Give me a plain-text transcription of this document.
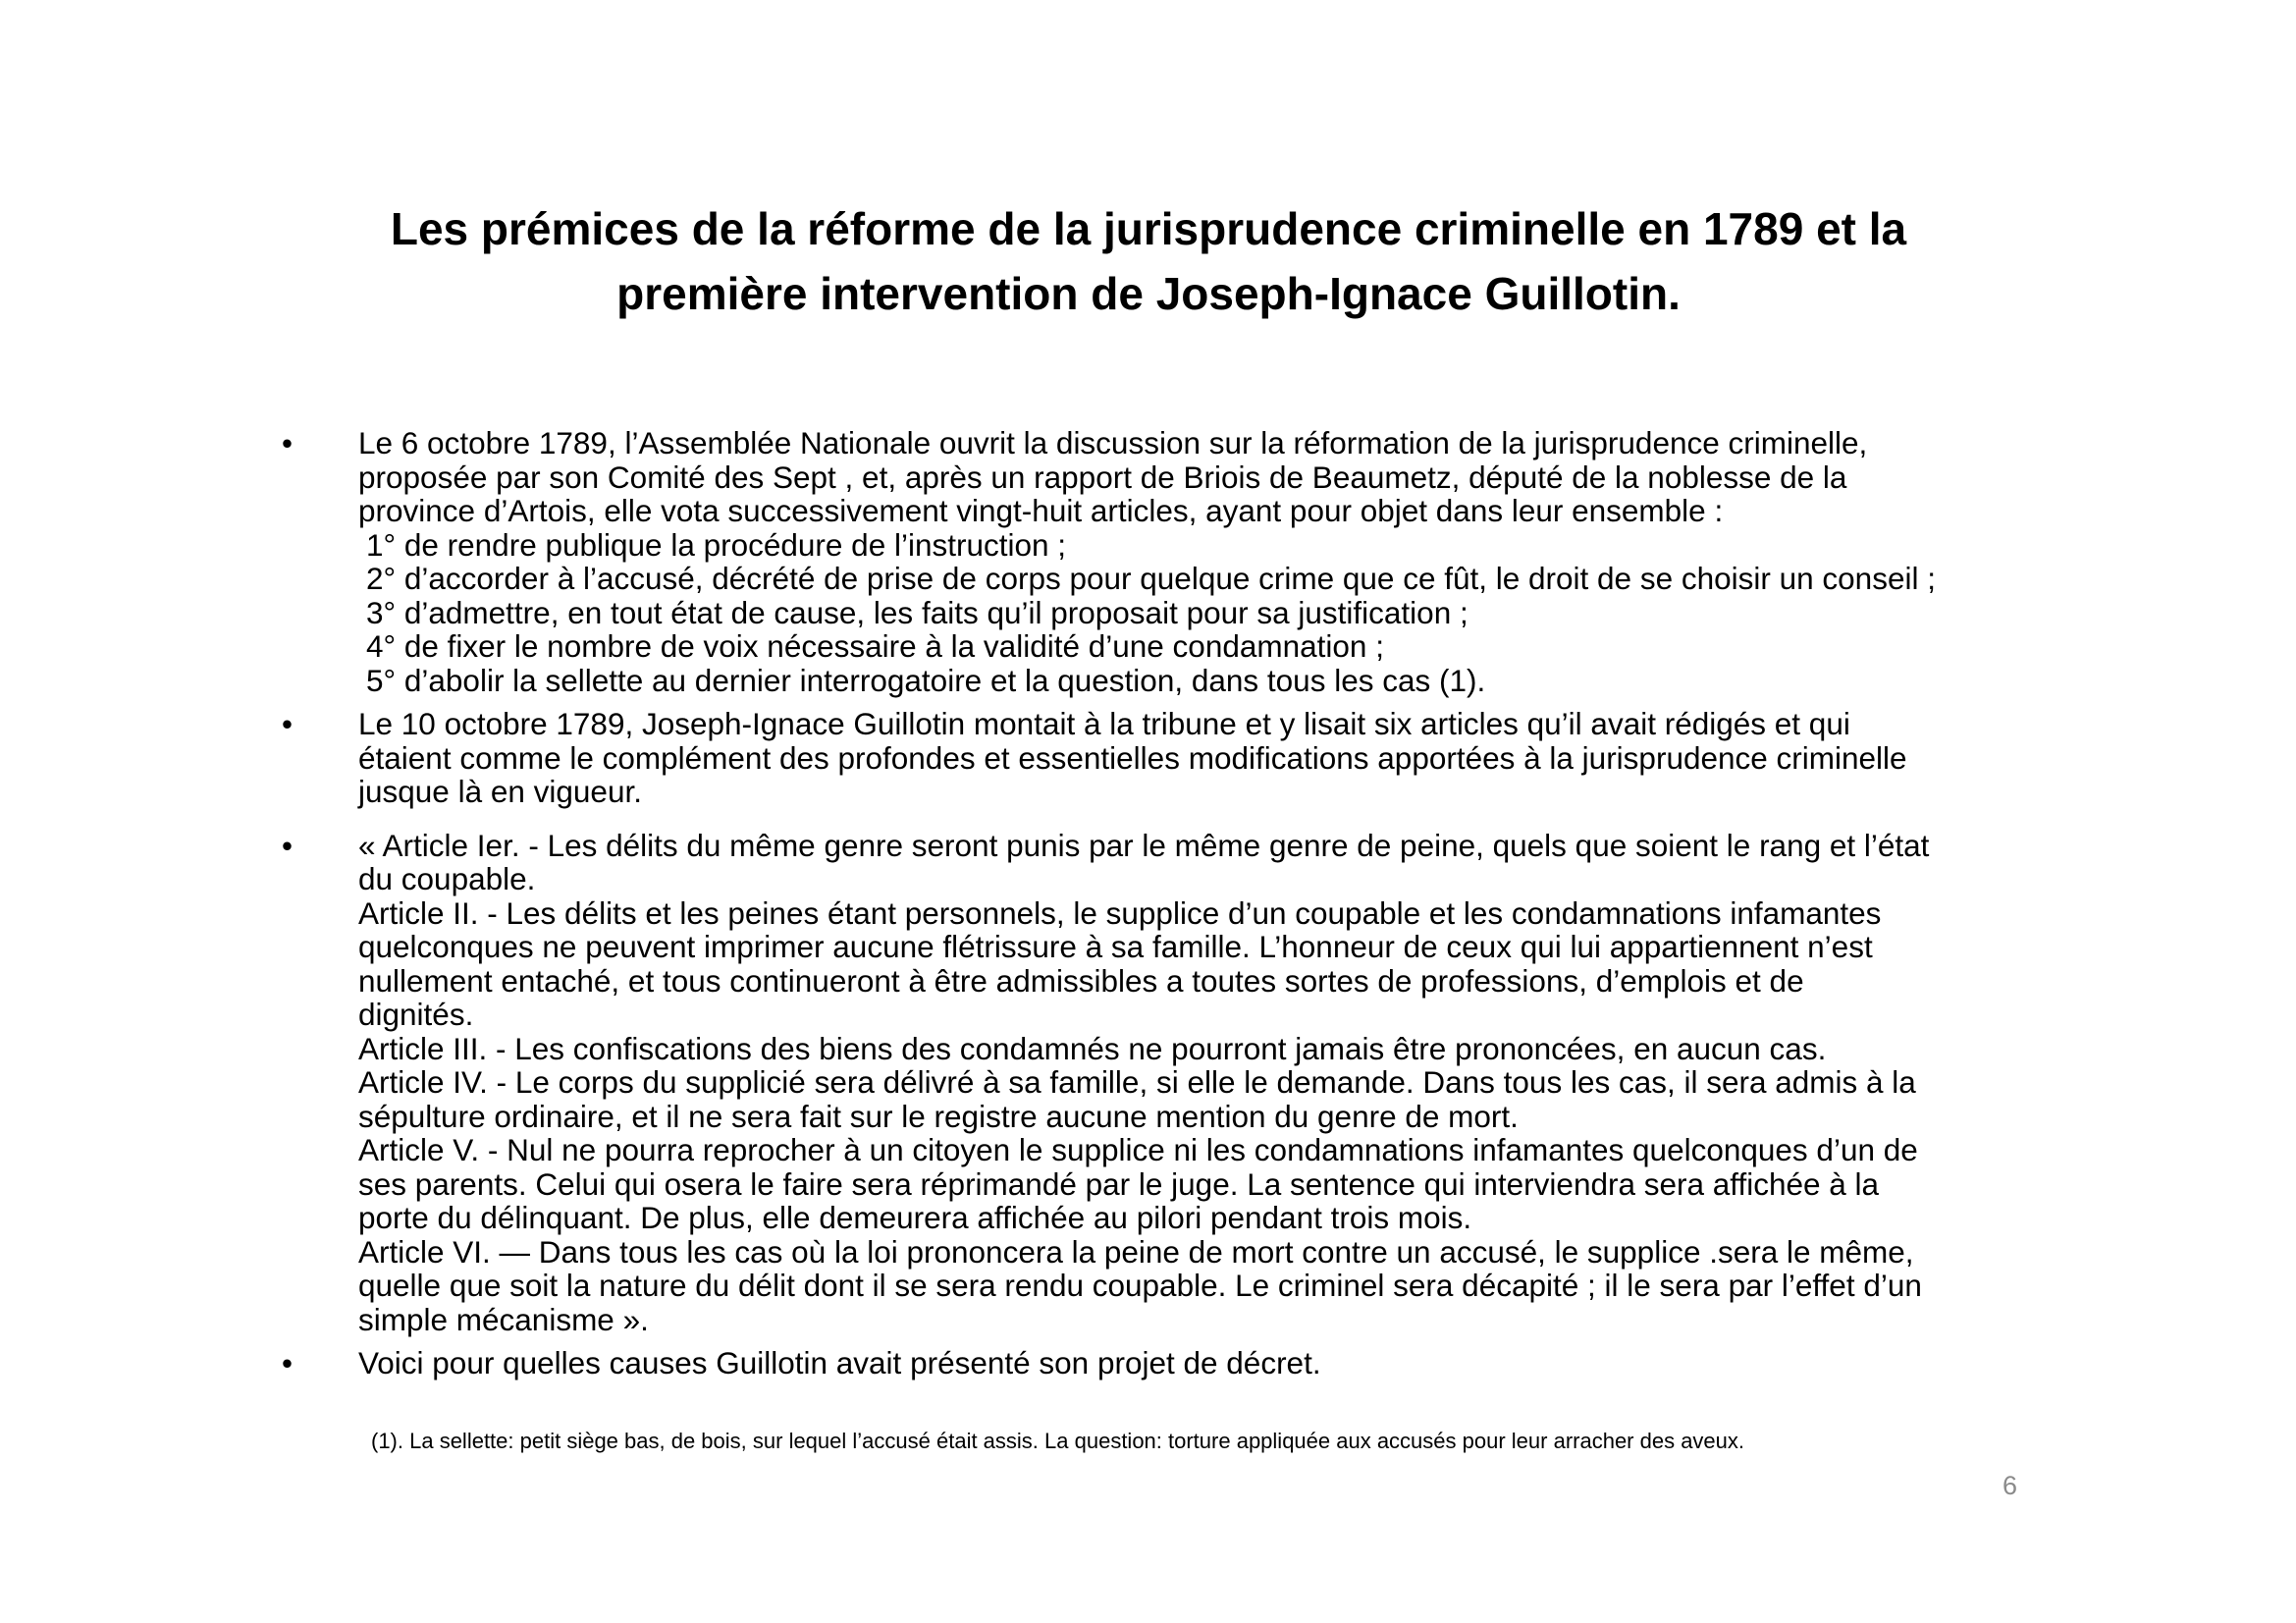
Les prémices de la réforme de la jurisprudence criminelle en 1789 et la
première intervention de Joseph-Ignace Guillotin.
•	Le 6 octobre 1789, l’Assemblée Nationale ouvrit la discussion sur la réformation de la jurisprudence criminelle,
proposée par son Comité des Sept , et, après un rapport de Briois de Beaumetz, député de la noblesse de la
province d’Artois, elle vota successivement vingt-huit articles, ayant pour objet dans leur ensemble :
1° de rendre publique la procédure de l’instruction ;
2° d’accorder à l’accusé, décrété de prise de corps pour quelque crime que ce fût, le droit de se choisir un conseil ;
3° d’admettre, en tout état de cause, les faits qu’il proposait pour sa justification ;
4° de fixer le nombre de voix nécessaire à la validité d’une condamnation ;
5° d’abolir la sellette au dernier interrogatoire et la question, dans tous les cas (1).
•	Le 10 octobre 1789, Joseph-Ignace Guillotin montait à la tribune et y lisait six articles qu’il avait rédigés et qui
étaient comme le complément des profondes et essentielles modifications apportées à la jurisprudence criminelle
jusque là en vigueur.
•	« Article Ier. - Les délits du même genre seront punis par le même genre de peine, quels que soient le rang et l’état
du coupable.
Article II. - Les délits et les peines étant personnels, le supplice d’un coupable et les condamnations infamantes
quelconques ne peuvent imprimer aucune flétrissure à sa famille. L’honneur de ceux qui lui appartiennent n’est
nullement entaché, et tous continueront à être admissibles a toutes sortes de professions, d’emplois et de
dignités.
Article III. - Les confiscations des biens des condamnés ne pourront jamais être prononcées, en aucun cas.
Article IV. - Le corps du supplicié sera délivré à sa famille, si elle le demande. Dans tous les cas, il sera admis à la
sépulture ordinaire, et il ne sera fait sur le registre aucune mention du genre de mort.
Article V. - Nul ne pourra reprocher à un citoyen le supplice ni les condamnations infamantes quelconques d’un de
ses parents. Celui qui osera le faire sera réprimandé par le juge. La sentence qui interviendra sera affichée à la
porte du délinquant. De plus, elle demeurera affichée au pilori pendant trois mois.
Article VI. — Dans tous les cas où la loi prononcera la peine de mort contre un accusé, le supplice .sera le même,
quelle que soit la nature du délit dont il se sera rendu coupable. Le criminel sera décapité ; il le sera par l’effet d’un
simple mécanisme ».
•	Voici pour quelles causes Guillotin avait présenté son projet de décret.
(1). La sellette: petit siège bas, de bois, sur lequel l’accusé était assis. La question: torture appliquée aux accusés pour leur arracher des aveux.
6
